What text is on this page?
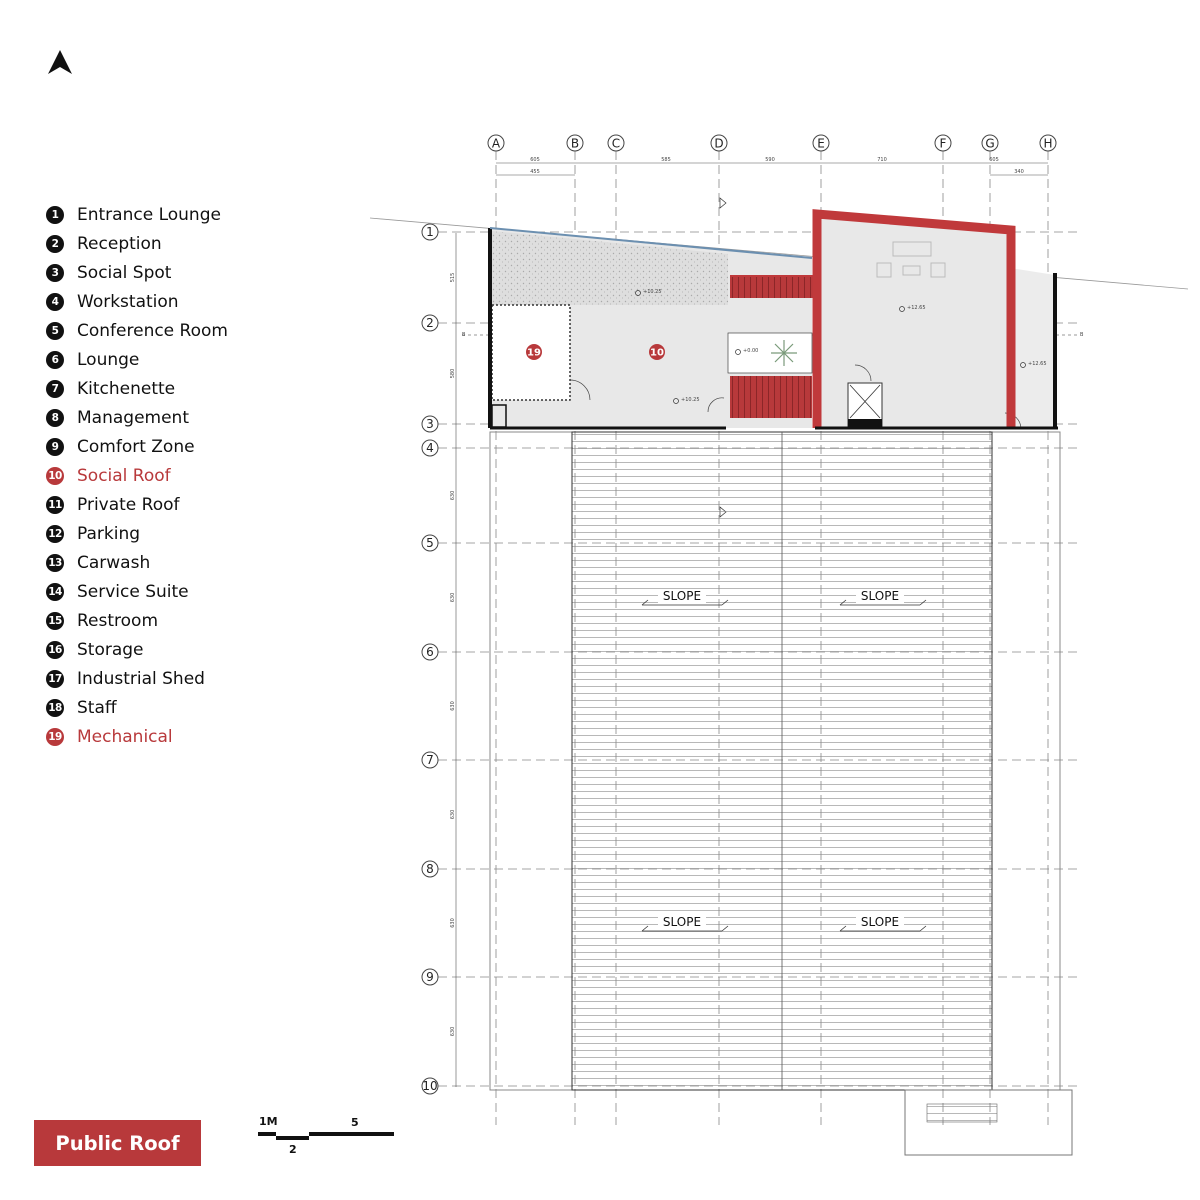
1	Entrance Lounge
2	Reception
3	Social Spot
4	Workstation
5	Conference Room
6	Lounge
7	Kitchenette
8	Management
9	Comfort Zone
10 Social Roof
11 Private Roof
12 Parking
13 Carwash
14 Service Suite
15 Restroom
16 Storage
17 Industrial Shed
18 Staff
19 Mechanical
A	B	C	D	E	F	G	H
1
2
3
4
5
6
7
8
9
10
605	585	590	710	605
455	340
515
580
630
630
630
630
630
630
B	B
SLOPE	SLOPE
SLOPE	SLOPE
19	10
+10.25
+10.25
+0.00
+12.65
+12.65
Public Roof
1M
2
5
